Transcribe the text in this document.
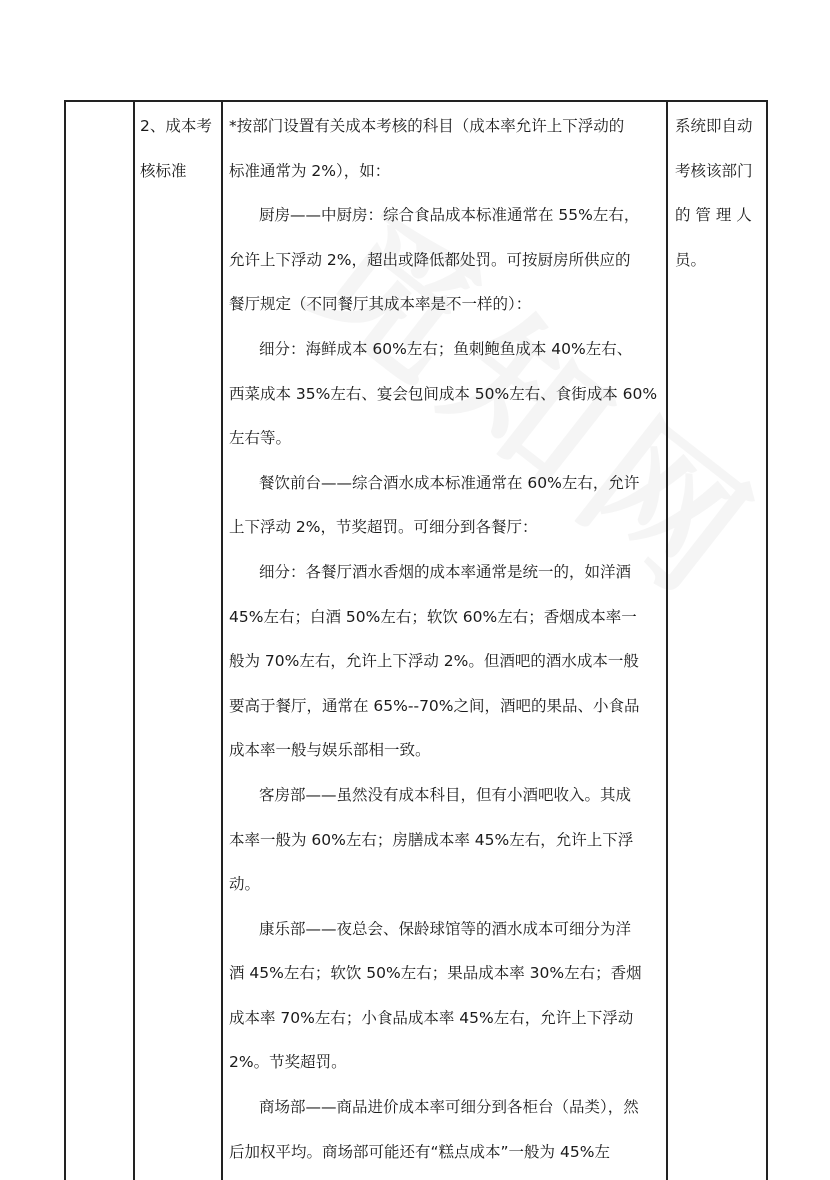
2、成本考
核标准
*按部门设置有关成本考核的科目（成本率允许上下浮动的
标准通常为 2%），如：
厨房——中厨房：综合食品成本标准通常在 55%左右，
允许上下浮动 2%，超出或降低都处罚。可按厨房所供应的
餐厅规定（不同餐厅其成本率是不一样的）：
细分：海鲜成本 60%左右；鱼刺鲍鱼成本 40%左右、
西菜成本 35%左右、宴会包间成本 50%左右、食街成本 60%
左右等。
餐饮前台——综合酒水成本标准通常在 60%左右，允许
上下浮动 2%，节奖超罚。可细分到各餐厅：
细分：各餐厅酒水香烟的成本率通常是统一的，如洋酒
45%左右；白酒 50%左右；软饮 60%左右；香烟成本率一
般为 70%左右，允许上下浮动 2%。但酒吧的酒水成本一般
要高于餐厅，通常在 65%--70%之间，酒吧的果品、小食品
成本率一般与娱乐部相一致。
客房部——虽然没有成本科目，但有小酒吧收入。其成
本率一般为 60%左右；房膳成本率 45%左右，允许上下浮
动。
康乐部——夜总会、保龄球馆等的酒水成本可细分为洋
酒 45%左右；软饮 50%左右；果品成本率 30%左右；香烟
成本率 70%左右；小食品成本率 45%左右，允许上下浮动
2%。节奖超罚。
商场部——商品进价成本率可细分到各柜台（品类），然
后加权平均。商场部可能还有“糕点成本”一般为 45%左
系统即自动
考核该部门
的 管 理 人
员。
